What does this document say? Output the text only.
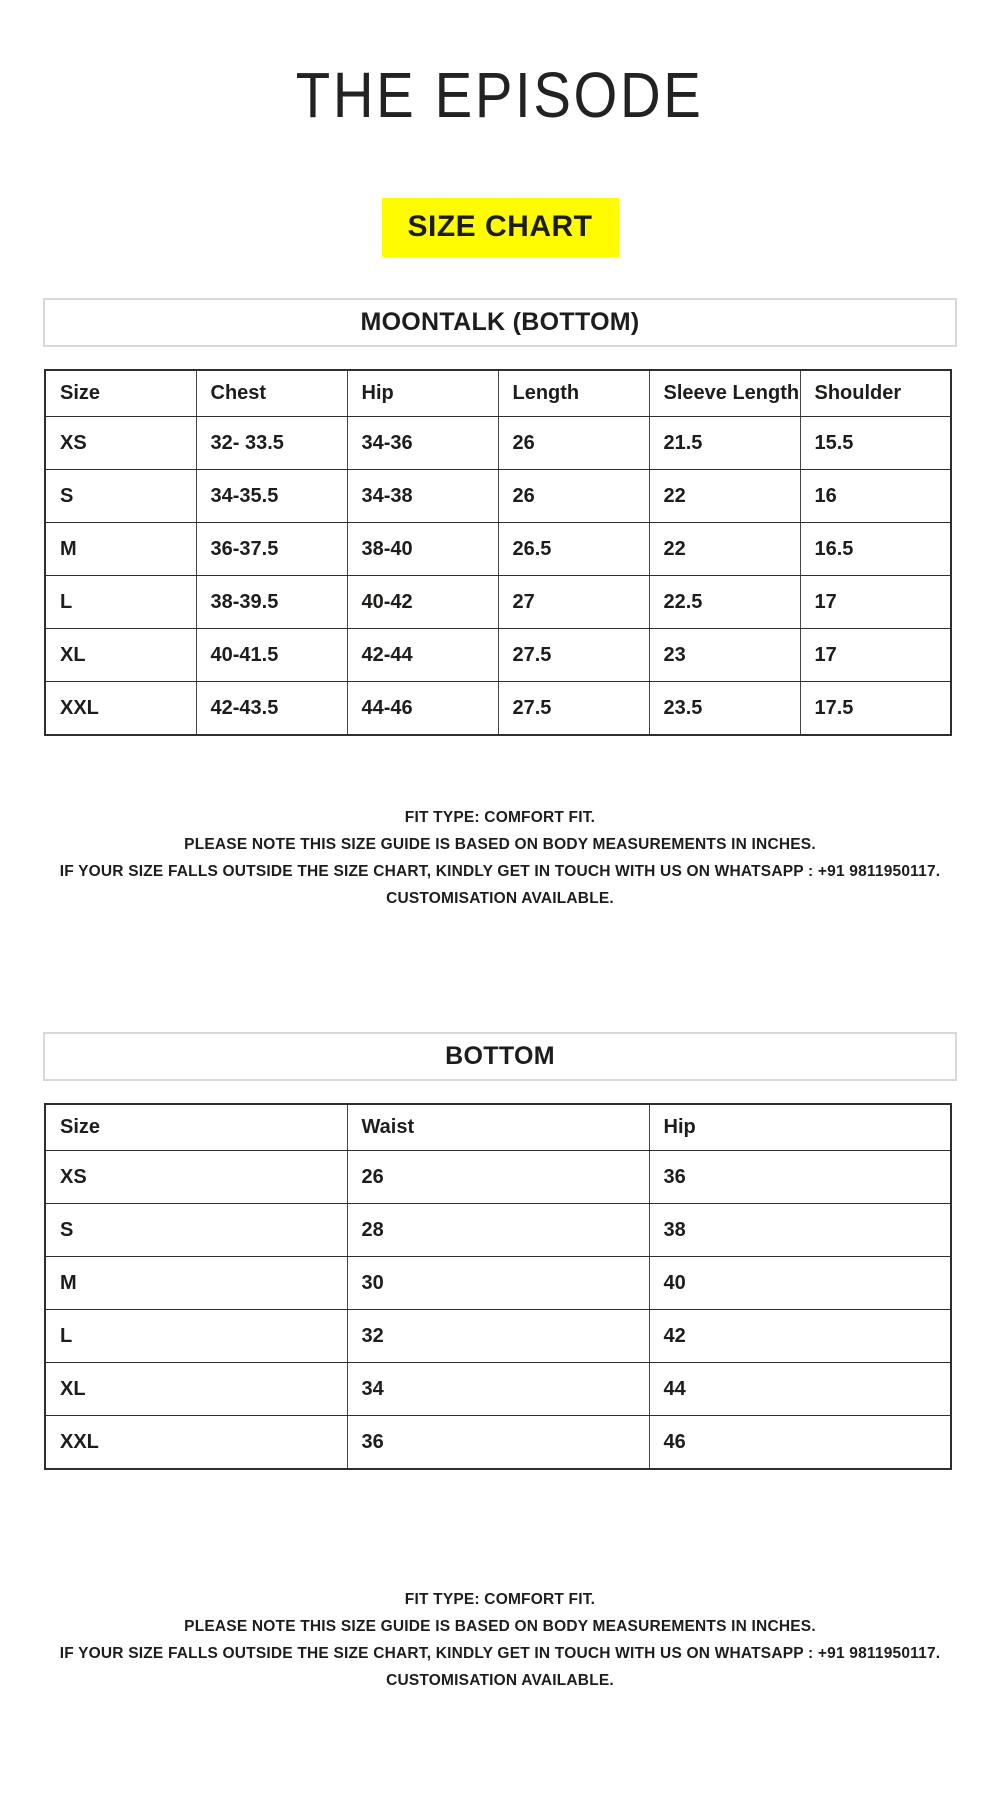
THE EPISODE
SIZE CHART
MOONTALK (BOTTOM)
Size	Chest	Hip	Length	Sleeve Length	Shoulder
XS	32- 33.5	34-36	26	21.5	15.5
S	34-35.5	34-38	26	22	16
M	36-37.5	38-40	26.5	22	16.5
L	38-39.5	40-42	27	22.5	17
XL	40-41.5	42-44	27.5	23	17
XXL	42-43.5	44-46	27.5	23.5	17.5
FIT TYPE: COMFORT FIT.
PLEASE NOTE THIS SIZE GUIDE IS BASED ON BODY MEASUREMENTS IN INCHES.
IF YOUR SIZE FALLS OUTSIDE THE SIZE CHART, KINDLY GET IN TOUCH WITH US ON WHATSAPP : +91 9811950117.
CUSTOMISATION AVAILABLE.
BOTTOM
Size	Waist	Hip
XS	26	36
S	28	38
M	30	40
L	32	42
XL	34	44
XXL	36	46
FIT TYPE: COMFORT FIT.
PLEASE NOTE THIS SIZE GUIDE IS BASED ON BODY MEASUREMENTS IN INCHES.
IF YOUR SIZE FALLS OUTSIDE THE SIZE CHART, KINDLY GET IN TOUCH WITH US ON WHATSAPP : +91 9811950117.
CUSTOMISATION AVAILABLE.
